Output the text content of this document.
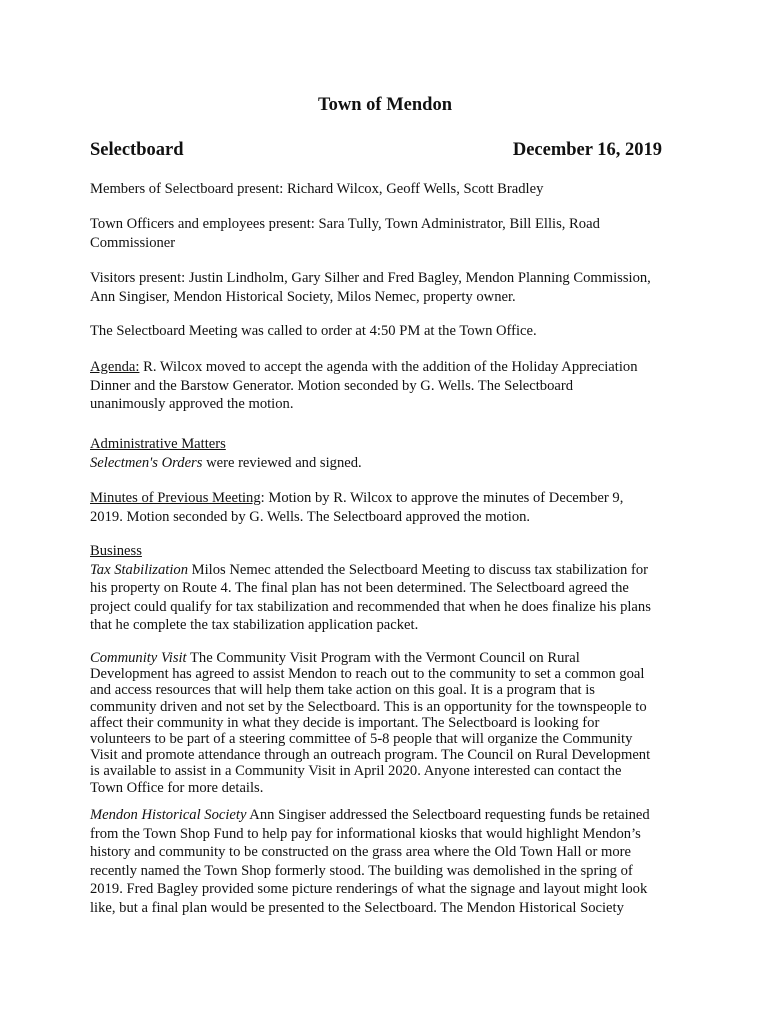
Town of Mendon
Selectboard	December 16, 2019
Members of Selectboard present: Richard Wilcox, Geoff Wells, Scott Bradley
Town Officers and employees present: Sara Tully, Town Administrator, Bill Ellis, Road
Commissioner
Visitors present: Justin Lindholm, Gary Silher and Fred Bagley, Mendon Planning Commission,
Ann Singiser, Mendon Historical Society, Milos Nemec, property owner.
The Selectboard Meeting was called to order at 4:50 PM at the Town Office.
Agenda: R. Wilcox moved to accept the agenda with the addition of the Holiday Appreciation
Dinner and the Barstow Generator. Motion seconded by G. Wells. The Selectboard
unanimously approved the motion.
Administrative Matters
Selectmen's Orders were reviewed and signed.
Minutes of Previous Meeting: Motion by R. Wilcox to approve the minutes of December 9,
2019. Motion seconded by G. Wells. The Selectboard approved the motion.
Business
Tax Stabilization Milos Nemec attended the Selectboard Meeting to discuss tax stabilization for
his property on Route 4. The final plan has not been determined. The Selectboard agreed the
project could qualify for tax stabilization and recommended that when he does finalize his plans
that he complete the tax stabilization application packet.
Community Visit The Community Visit Program with the Vermont Council on Rural
Development has agreed to assist Mendon to reach out to the community to set a common goal
and access resources that will help them take action on this goal. It is a program that is
community driven and not set by the Selectboard. This is an opportunity for the townspeople to
affect their community in what they decide is important. The Selectboard is looking for
volunteers to be part of a steering committee of 5-8 people that will organize the Community
Visit and promote attendance through an outreach program. The Council on Rural Development
is available to assist in a Community Visit in April 2020. Anyone interested can contact the
Town Office for more details.
Mendon Historical Society Ann Singiser addressed the Selectboard requesting funds be retained
from the Town Shop Fund to help pay for informational kiosks that would highlight Mendon’s
history and community to be constructed on the grass area where the Old Town Hall or more
recently named the Town Shop formerly stood. The building was demolished in the spring of
2019. Fred Bagley provided some picture renderings of what the signage and layout might look
like, but a final plan would be presented to the Selectboard. The Mendon Historical Society
